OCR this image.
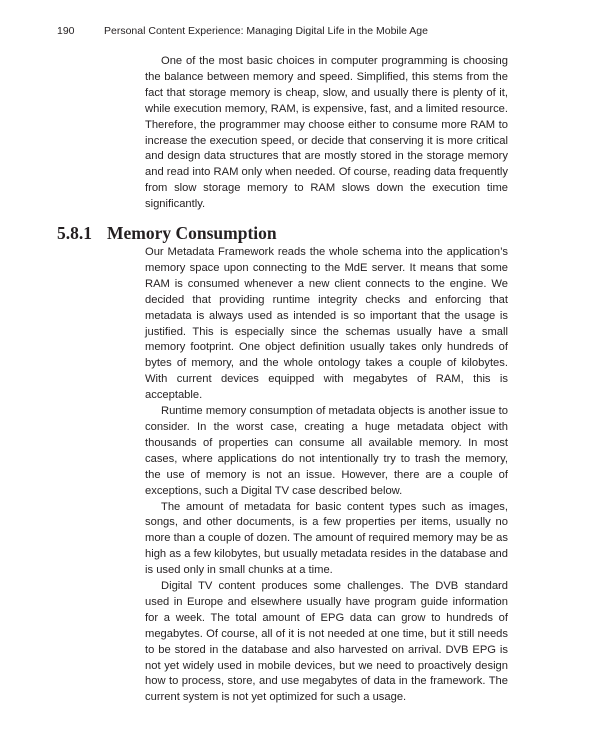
190	Personal Content Experience: Managing Digital Life in the Mobile Age

One of the most basic choices in computer programming is choosing the balance between memory and speed. Simplified, this stems from the fact that storage memory is cheap, slow, and usually there is plenty of it, while execution memory, RAM, is expensive, fast, and a limited resource. Therefore, the programmer may choose either to consume more RAM to increase the execution speed, or decide that conserving it is more critical and design data structures that are mostly stored in the storage memory and read into RAM only when needed. Of course, reading data frequently from slow storage memory to RAM slows down the execution time significantly.

5.8.1 Memory Consumption

Our Metadata Framework reads the whole schema into the application’s memory space upon connecting to the MdE server. It means that some RAM is consumed whenever a new client connects to the engine. We decided that providing runtime integrity checks and enforcing that metadata is always used as intended is so important that the usage is justified. This is especially since the schemas usually have a small memory footprint. One object definition usually takes only hundreds of bytes of memory, and the whole ontology takes a couple of kilobytes. With current devices equipped with megabytes of RAM, this is acceptable.

Runtime memory consumption of metadata objects is another issue to consider. In the worst case, creating a huge metadata object with thousands of properties can consume all available memory. In most cases, where applications do not intentionally try to trash the memory, the use of memory is not an issue. However, there are a couple of exceptions, such a Digital TV case described below.

The amount of metadata for basic content types such as images, songs, and other documents, is a few properties per items, usually no more than a couple of dozen. The amount of required memory may be as high as a few kilobytes, but usually metadata resides in the database and is used only in small chunks at a time.

Digital TV content produces some challenges. The DVB standard used in Europe and elsewhere usually have program guide information for a week. The total amount of EPG data can grow to hundreds of megabytes. Of course, all of it is not needed at one time, but it still needs to be stored in the database and also harvested on arrival. DVB EPG is not yet widely used in mobile devices, but we need to proactively design how to process, store, and use megabytes of data in the framework. The current system is not yet optimized for such a usage.
